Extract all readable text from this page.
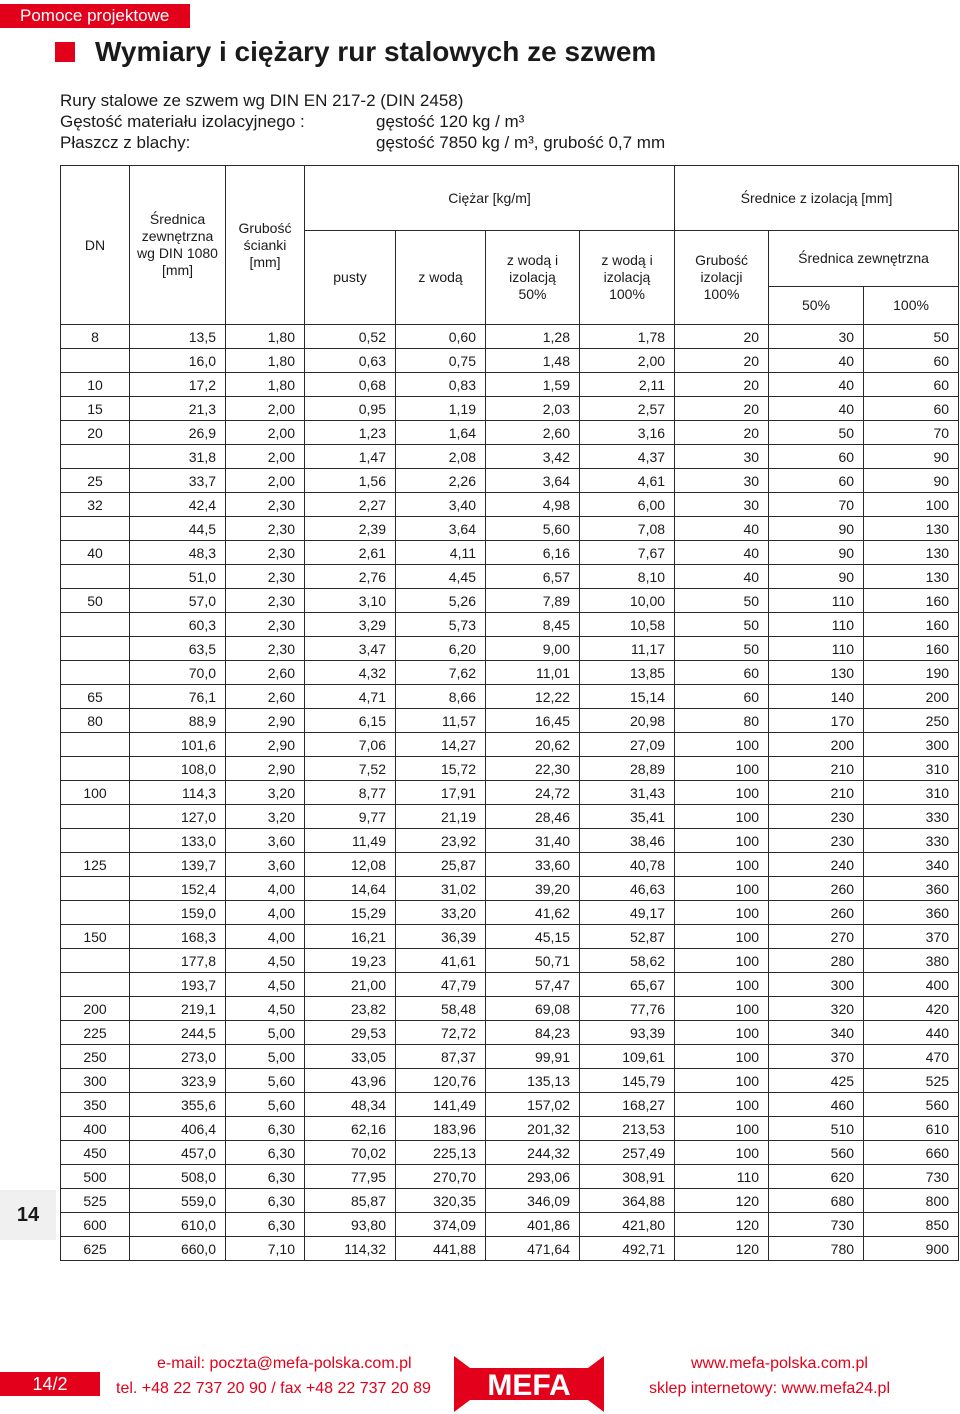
Pomoce projektowe
Wymiary i ciężary rur stalowych ze szwem
Rury stalowe ze szwem wg DIN EN 217-2 (DIN 2458)
Gęstość materiału izolacyjnego :	gęstość 120 kg / m³
Płaszcz z blachy:	gęstość 7850 kg / m³, grubość 0,7 mm
14
DN	Średnica zewnętrzna wg DIN 1080 [mm]	Grubość ścianki [mm]	Ciężar [kg/m]				Średnice z izolacją [mm]		
			pusty	z wodą	z wodą i izolacją 50%	z wodą i izolacją 100%	Grubość izolacji 100%	Średnica zewnętrzna	
								50%	100%
8	13,5	1,80	0,52	0,60	1,28	1,78	20	30	50
	16,0	1,80	0,63	0,75	1,48	2,00	20	40	60
10	17,2	1,80	0,68	0,83	1,59	2,11	20	40	60
15	21,3	2,00	0,95	1,19	2,03	2,57	20	40	60
20	26,9	2,00	1,23	1,64	2,60	3,16	20	50	70
	31,8	2,00	1,47	2,08	3,42	4,37	30	60	90
25	33,7	2,00	1,56	2,26	3,64	4,61	30	60	90
32	42,4	2,30	2,27	3,40	4,98	6,00	30	70	100
	44,5	2,30	2,39	3,64	5,60	7,08	40	90	130
40	48,3	2,30	2,61	4,11	6,16	7,67	40	90	130
	51,0	2,30	2,76	4,45	6,57	8,10	40	90	130
50	57,0	2,30	3,10	5,26	7,89	10,00	50	110	160
	60,3	2,30	3,29	5,73	8,45	10,58	50	110	160
	63,5	2,30	3,47	6,20	9,00	11,17	50	110	160
	70,0	2,60	4,32	7,62	11,01	13,85	60	130	190
65	76,1	2,60	4,71	8,66	12,22	15,14	60	140	200
80	88,9	2,90	6,15	11,57	16,45	20,98	80	170	250
	101,6	2,90	7,06	14,27	20,62	27,09	100	200	300
	108,0	2,90	7,52	15,72	22,30	28,89	100	210	310
100	114,3	3,20	8,77	17,91	24,72	31,43	100	210	310
	127,0	3,20	9,77	21,19	28,46	35,41	100	230	330
	133,0	3,60	11,49	23,92	31,40	38,46	100	230	330
125	139,7	3,60	12,08	25,87	33,60	40,78	100	240	340
	152,4	4,00	14,64	31,02	39,20	46,63	100	260	360
	159,0	4,00	15,29	33,20	41,62	49,17	100	260	360
150	168,3	4,00	16,21	36,39	45,15	52,87	100	270	370
	177,8	4,50	19,23	41,61	50,71	58,62	100	280	380
	193,7	4,50	21,00	47,79	57,47	65,67	100	300	400
200	219,1	4,50	23,82	58,48	69,08	77,76	100	320	420
225	244,5	5,00	29,53	72,72	84,23	93,39	100	340	440
250	273,0	5,00	33,05	87,37	99,91	109,61	100	370	470
300	323,9	5,60	43,96	120,76	135,13	145,79	100	425	525
350	355,6	5,60	48,34	141,49	157,02	168,27	100	460	560
400	406,4	6,30	62,16	183,96	201,32	213,53	100	510	610
450	457,0	6,30	70,02	225,13	244,32	257,49	100	560	660
500	508,0	6,30	77,95	270,70	293,06	308,91	110	620	730
525	559,0	6,30	85,87	320,35	346,09	364,88	120	680	800
600	610,0	6,30	93,80	374,09	401,86	421,80	120	730	850
625	660,0	7,10	114,32	441,88	471,64	492,71	120	780	900
14/2
e-mail: poczta@mefa-polska.com.pl
tel. +48 22 737 20 90 / fax +48 22 737 20 89
www.mefa-polska.com.pl
sklep internetowy: www.mefa24.pl
MEFA
